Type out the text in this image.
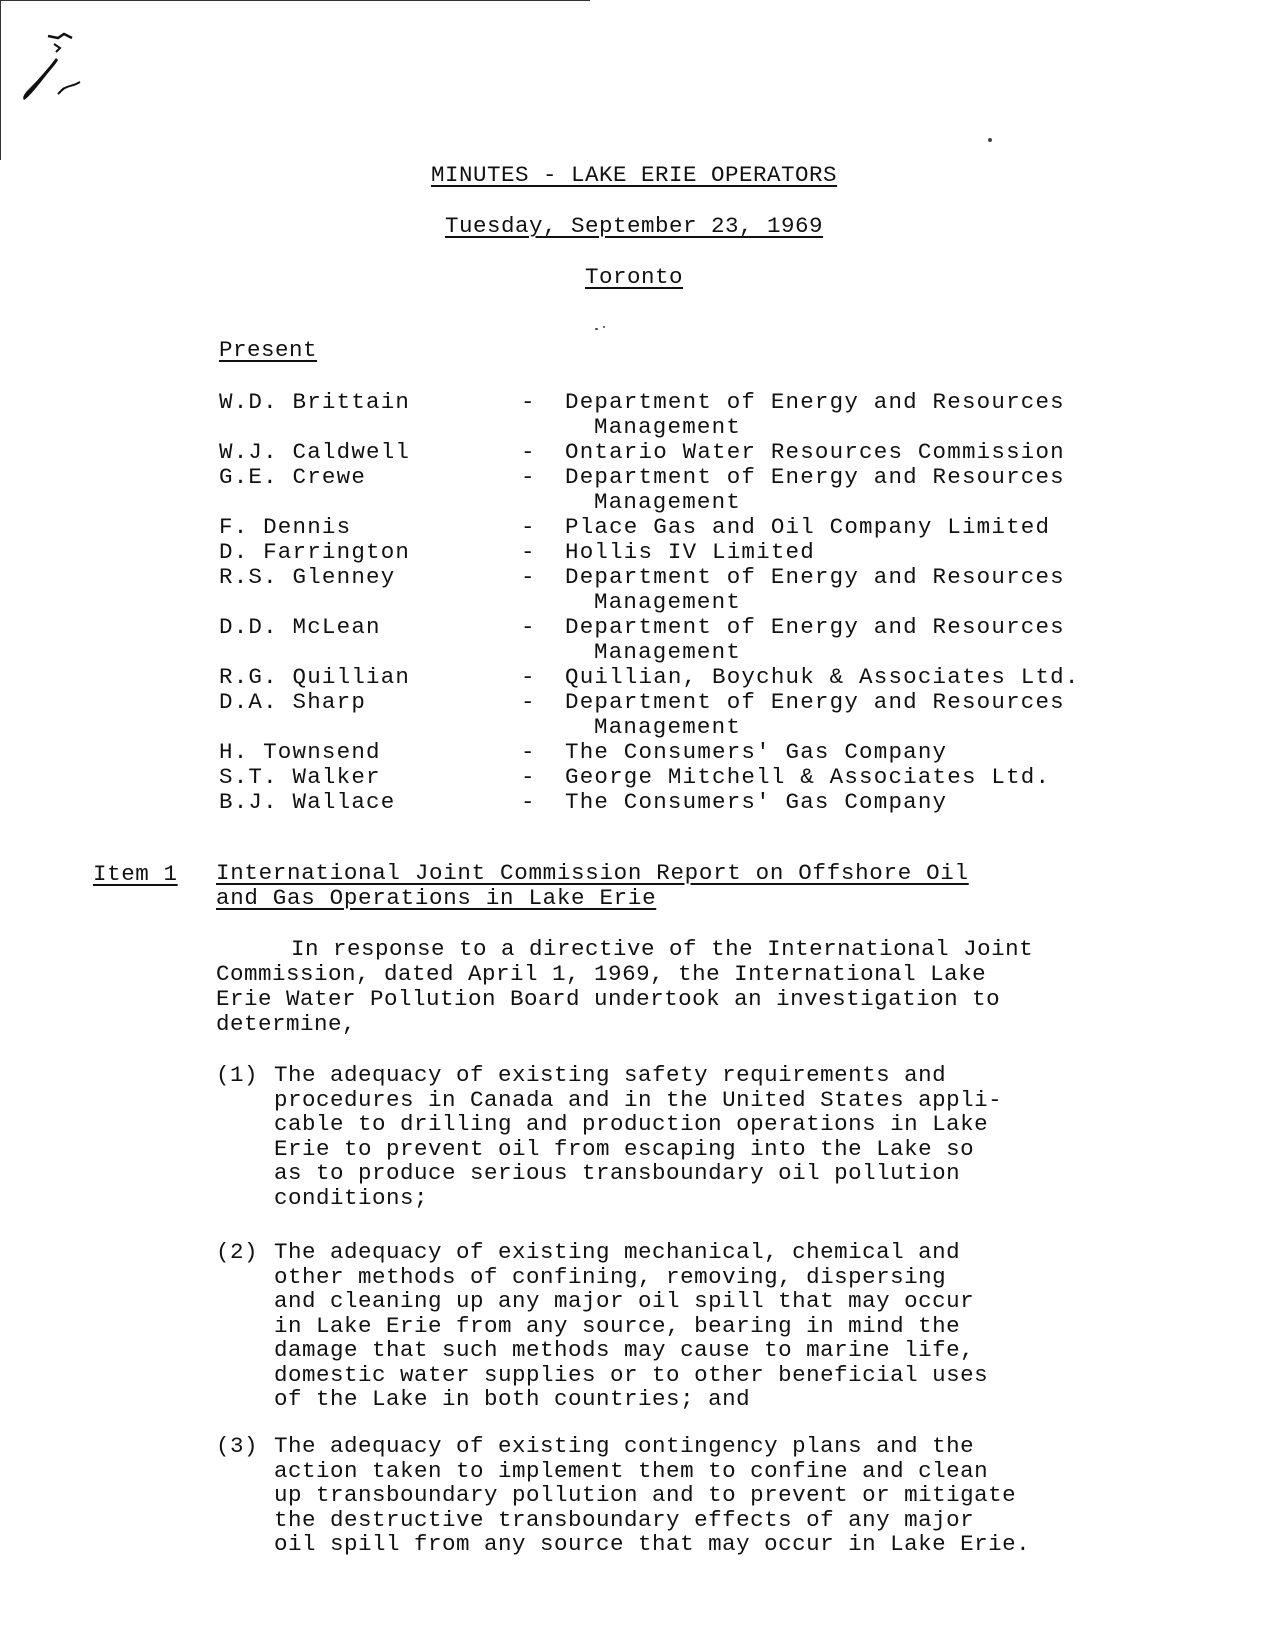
MINUTES - LAKE ERIE OPERATORS
Tuesday, September 23, 1969
Toronto
Present
W.D. Brittain	-	Department of Energy and Resources
Management
W.J. Caldwell	-	Ontario Water Resources Commission
G.E. Crewe	-	Department of Energy and Resources
Management
F. Dennis	-	Place Gas and Oil Company Limited
D. Farrington	-	Hollis IV Limited
R.S. Glenney	-	Department of Energy and Resources
Management
D.D. McLean	-	Department of Energy and Resources
Management
R.G. Quillian	-	Quillian, Boychuk & Associates Ltd.
D.A. Sharp	-	Department of Energy and Resources
Management
H. Townsend	-	The Consumers' Gas Company
S.T. Walker	-	George Mitchell & Associates Ltd.
B.J. Wallace	-	The Consumers' Gas Company
Item 1 International Joint Commission Report on Offshore Oil
and Gas Operations in Lake Erie
In response to a directive of the International Joint
Commission, dated April 1, 1969, the International Lake
Erie Water Pollution Board undertook an investigation to
determine,
(1) The adequacy of existing safety requirements and
procedures in Canada and in the United States appli-
cable to drilling and production operations in Lake
Erie to prevent oil from escaping into the Lake so
as to produce serious transboundary oil pollution
conditions;
(2) The adequacy of existing mechanical, chemical and
other methods of confining, removing, dispersing
and cleaning up any major oil spill that may occur
in Lake Erie from any source, bearing in mind the
damage that such methods may cause to marine life,
domestic water supplies or to other beneficial uses
of the Lake in both countries; and
(3) The adequacy of existing contingency plans and the
action taken to implement them to confine and clean
up transboundary pollution and to prevent or mitigate
the destructive transboundary effects of any major
oil spill from any source that may occur in Lake Erie.
